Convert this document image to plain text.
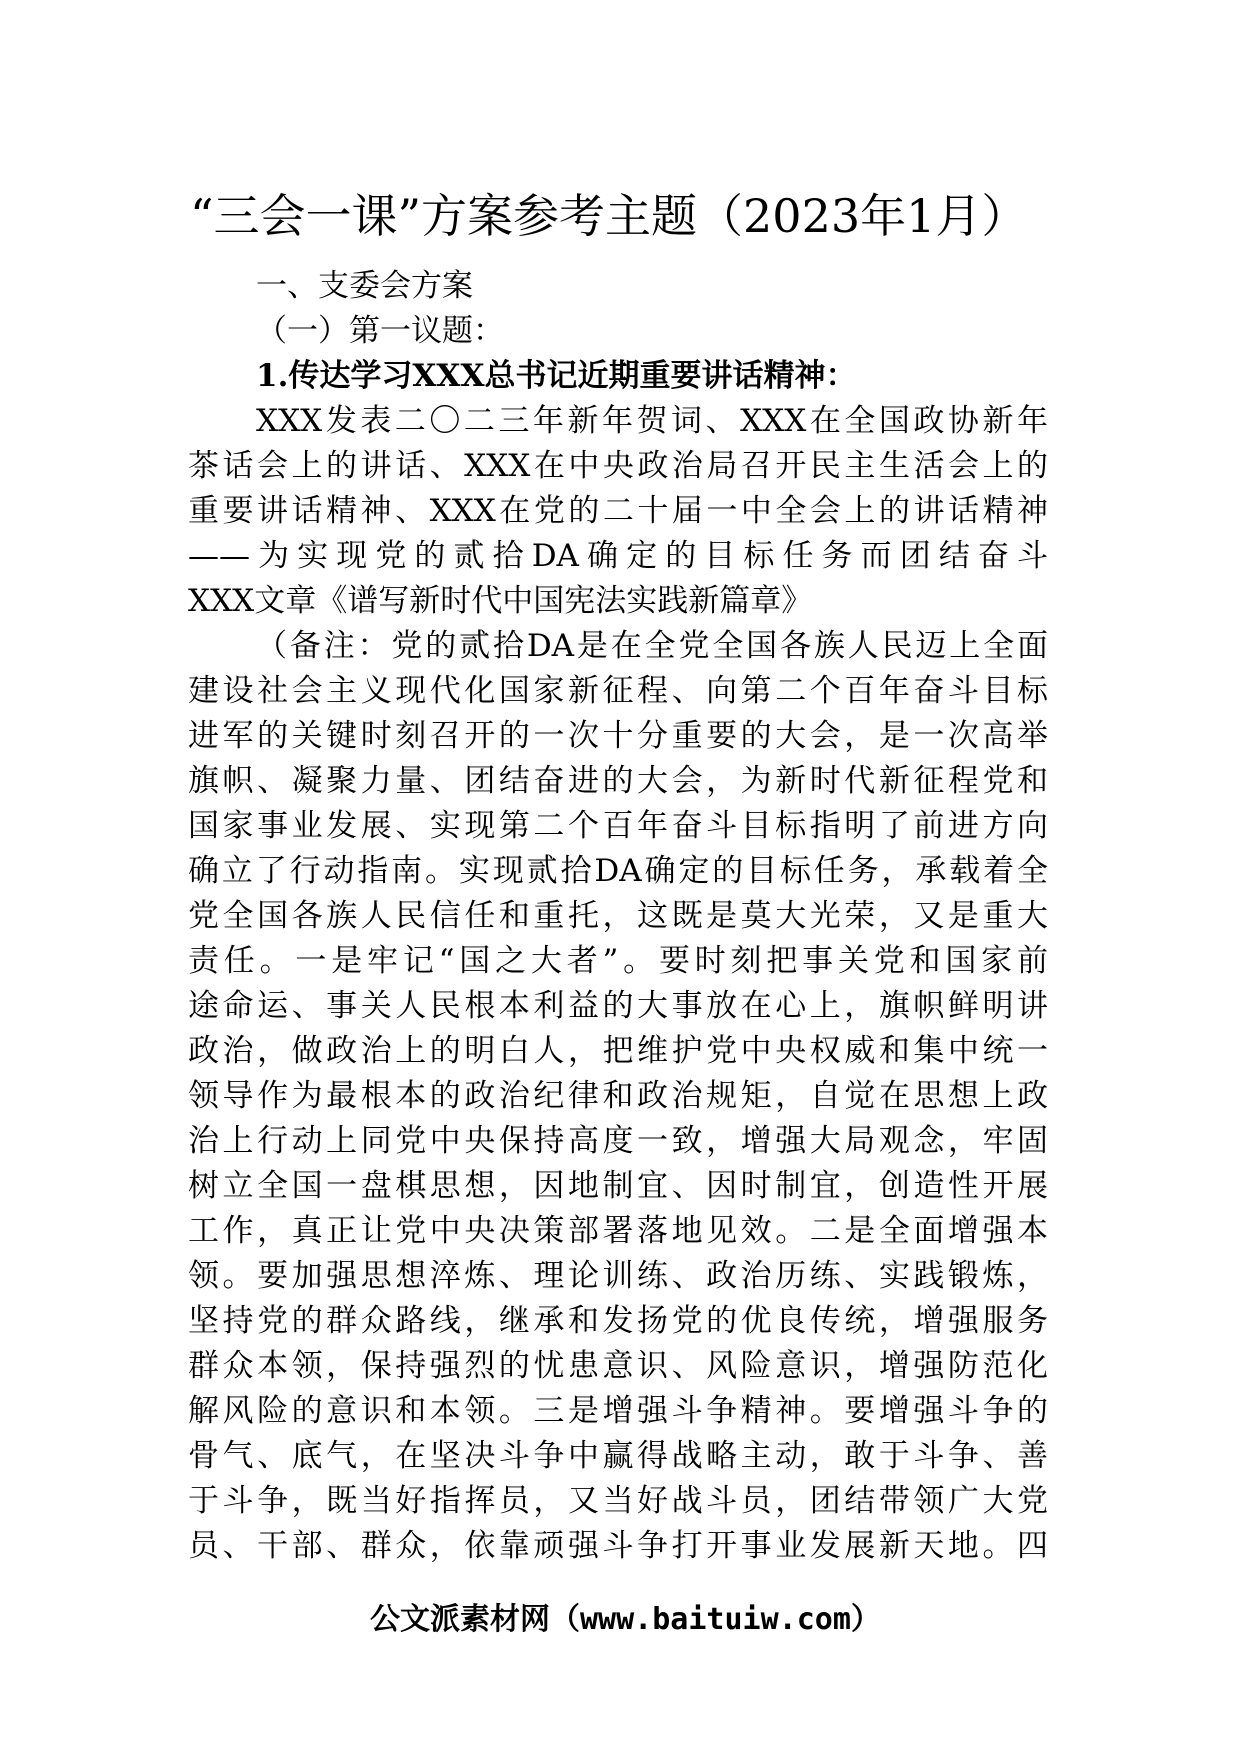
“三会一课”方案参考主题（2023年1月）
一、支委会方案
（一）第一议题：
1.传达学习XXX总书记近期重要讲话精神：
XXX发表二〇二三年新年贺词、XXX在全国政协新年
茶话会上的讲话、XXX在中央政治局召开民主生活会上的
重要讲话精神、XXX在党的二十届一中全会上的讲话精神
——为实现党的贰拾DA确定的目标任务而团结奋斗
XXX文章《谱写新时代中国宪法实践新篇章》
（备注：党的贰拾DA是在全党全国各族人民迈上全面
建设社会主义现代化国家新征程、向第二个百年奋斗目标
进军的关键时刻召开的一次十分重要的大会，是一次高举
旗帜、凝聚力量、团结奋进的大会，为新时代新征程党和
国家事业发展、实现第二个百年奋斗目标指明了前进方向
确立了行动指南。实现贰拾DA确定的目标任务，承载着全
党全国各族人民信任和重托，这既是莫大光荣，又是重大
责任。一是牢记“国之大者”。要时刻把事关党和国家前
途命运、事关人民根本利益的大事放在心上，旗帜鲜明讲
政治，做政治上的明白人，把维护党中央权威和集中统一
领导作为最根本的政治纪律和政治规矩，自觉在思想上政
治上行动上同党中央保持高度一致，增强大局观念，牢固
树立全国一盘棋思想，因地制宜、因时制宜，创造性开展
工作，真正让党中央决策部署落地见效。二是全面增强本
领。要加强思想淬炼、理论训练、政治历练、实践锻炼，
坚持党的群众路线，继承和发扬党的优良传统，增强服务
群众本领，保持强烈的忧患意识、风险意识，增强防范化
解风险的意识和本领。三是增强斗争精神。要增强斗争的
骨气、底气，在坚决斗争中赢得战略主动，敢于斗争、善
于斗争，既当好指挥员，又当好战斗员，团结带领广大党
员、干部、群众，依靠顽强斗争打开事业发展新天地。四
公文派素材网（www.baituiw.com）
